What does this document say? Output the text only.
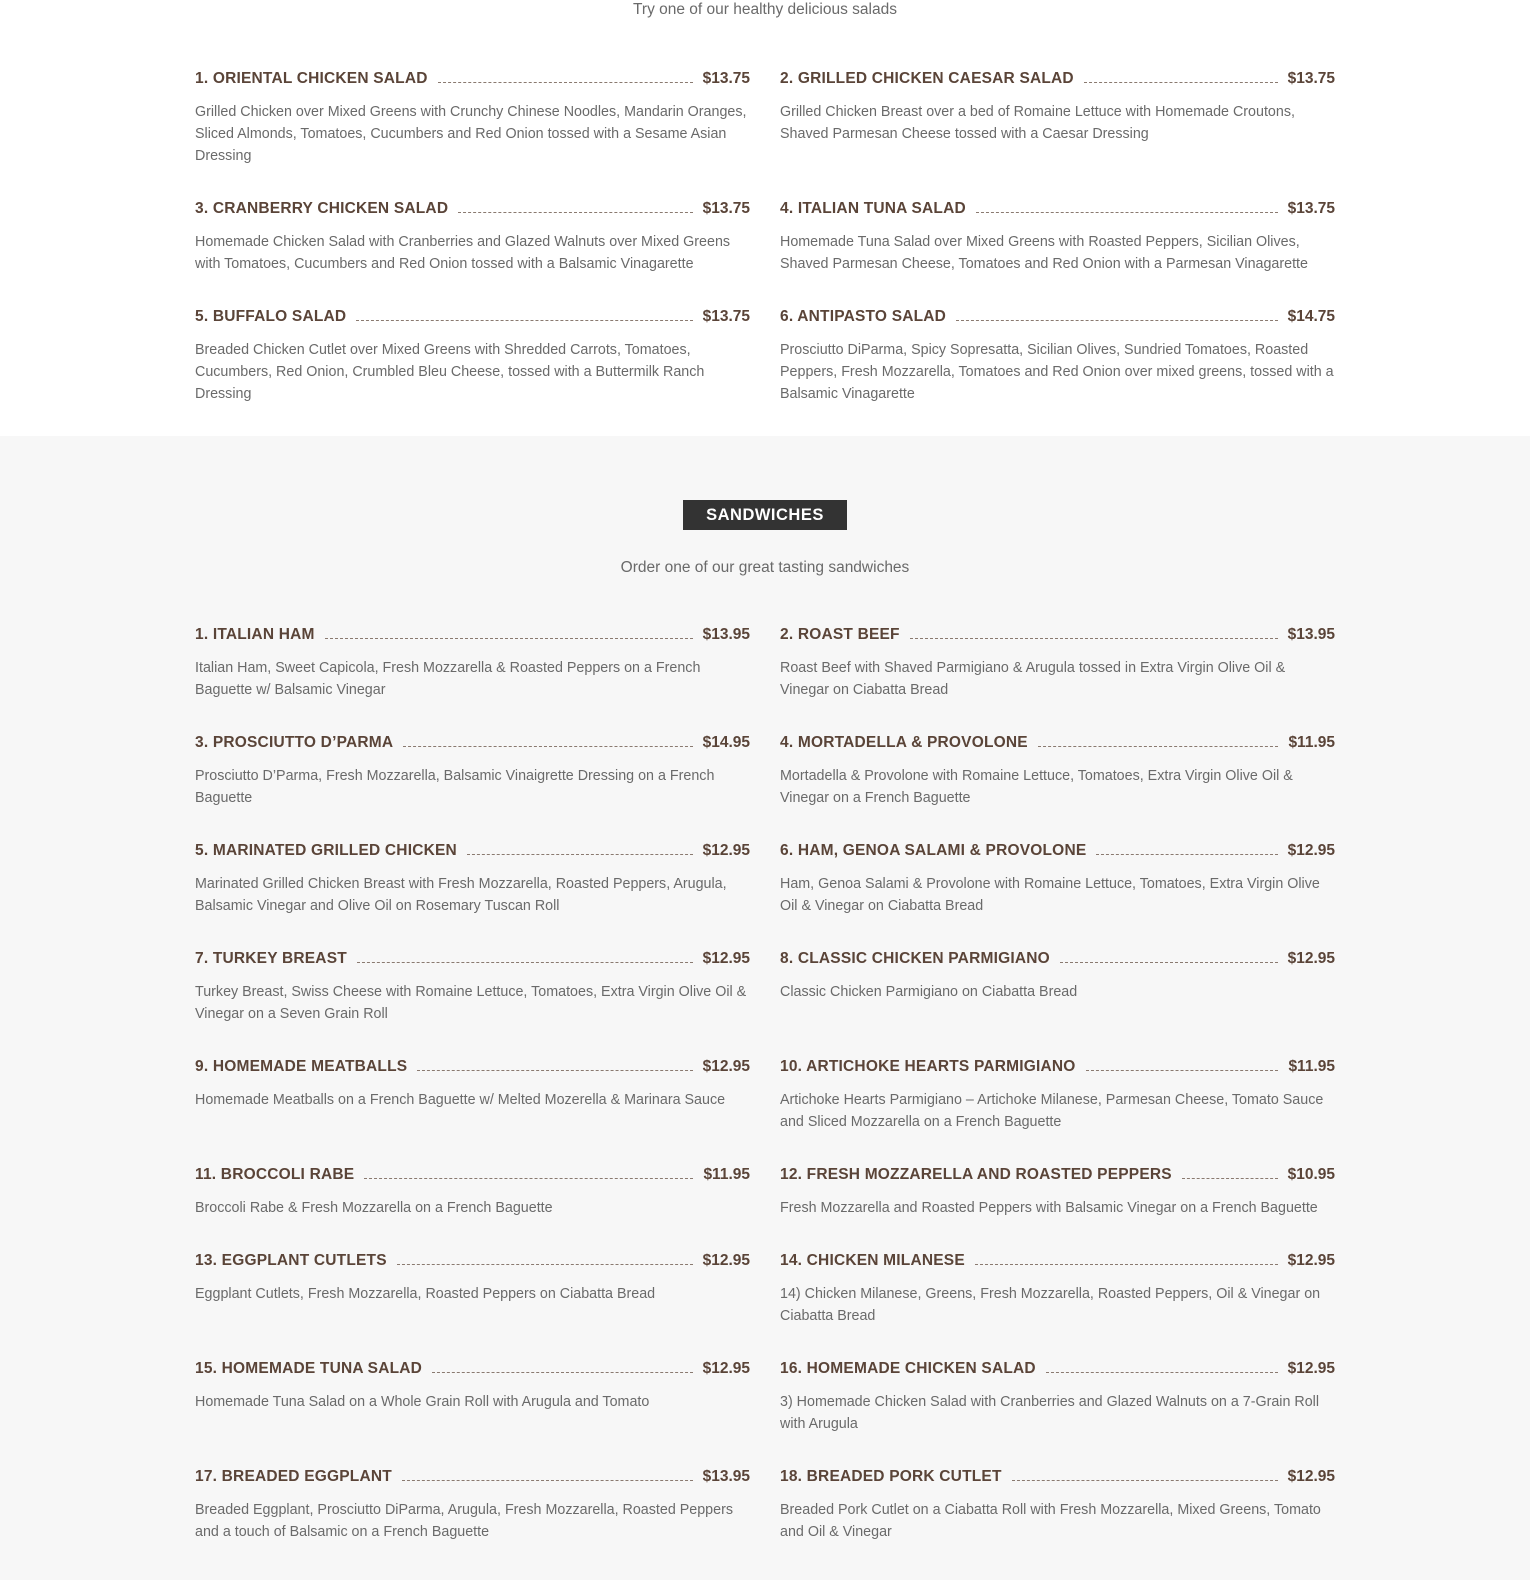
Try one of our healthy delicious salads
1. ORIENTAL CHICKEN SALAD	$13.75
Grilled Chicken over Mixed Greens with Crunchy Chinese Noodles, Mandarin Oranges, Sliced Almonds, Tomatoes, Cucumbers and Red Onion tossed with a Sesame Asian Dressing
2. GRILLED CHICKEN CAESAR SALAD	$13.75
Grilled Chicken Breast over a bed of Romaine Lettuce with Homemade Croutons, Shaved Parmesan Cheese tossed with a Caesar Dressing
3. CRANBERRY CHICKEN SALAD	$13.75
Homemade Chicken Salad with Cranberries and Glazed Walnuts over Mixed Greens with Tomatoes, Cucumbers and Red Onion tossed with a Balsamic Vinagarette
4. ITALIAN TUNA SALAD	$13.75
Homemade Tuna Salad over Mixed Greens with Roasted Peppers, Sicilian Olives, Shaved Parmesan Cheese, Tomatoes and Red Onion with a Parmesan Vinagarette
5. BUFFALO SALAD	$13.75
Breaded Chicken Cutlet over Mixed Greens with Shredded Carrots, Tomatoes, Cucumbers, Red Onion, Crumbled Bleu Cheese, tossed with a Buttermilk Ranch Dressing
6. ANTIPASTO SALAD	$14.75
Prosciutto DiParma, Spicy Sopresatta, Sicilian Olives, Sundried Tomatoes, Roasted Peppers, Fresh Mozzarella, Tomatoes and Red Onion over mixed greens, tossed with a Balsamic Vinagarette
SANDWICHES
Order one of our great tasting sandwiches
1. ITALIAN HAM	$13.95
Italian Ham, Sweet Capicola, Fresh Mozzarella & Roasted Peppers on a French Baguette w/ Balsamic Vinegar
2. ROAST BEEF	$13.95
Roast Beef with Shaved Parmigiano & Arugula tossed in Extra Virgin Olive Oil & Vinegar on Ciabatta Bread
3. PROSCIUTTO D’PARMA	$14.95
Prosciutto D’Parma, Fresh Mozzarella, Balsamic Vinaigrette Dressing on a French Baguette
4. MORTADELLA & PROVOLONE	$11.95
Mortadella & Provolone with Romaine Lettuce, Tomatoes, Extra Virgin Olive Oil & Vinegar on a French Baguette
5. MARINATED GRILLED CHICKEN	$12.95
Marinated Grilled Chicken Breast with Fresh Mozzarella, Roasted Peppers, Arugula, Balsamic Vinegar and Olive Oil on Rosemary Tuscan Roll
6. HAM, GENOA SALAMI & PROVOLONE	$12.95
Ham, Genoa Salami & Provolone with Romaine Lettuce, Tomatoes, Extra Virgin Olive Oil & Vinegar on Ciabatta Bread
7. TURKEY BREAST	$12.95
Turkey Breast, Swiss Cheese with Romaine Lettuce, Tomatoes, Extra Virgin Olive Oil & Vinegar on a Seven Grain Roll
8. CLASSIC CHICKEN PARMIGIANO	$12.95
Classic Chicken Parmigiano on Ciabatta Bread
9. HOMEMADE MEATBALLS	$12.95
Homemade Meatballs on a French Baguette w/ Melted Mozerella & Marinara Sauce
10. ARTICHOKE HEARTS PARMIGIANO	$11.95
Artichoke Hearts Parmigiano – Artichoke Milanese, Parmesan Cheese, Tomato Sauce and Sliced Mozzarella on a French Baguette
11. BROCCOLI RABE	$11.95
Broccoli Rabe & Fresh Mozzarella on a French Baguette
12. FRESH MOZZARELLA AND ROASTED PEPPERS	$10.95
Fresh Mozzarella and Roasted Peppers with Balsamic Vinegar on a French Baguette
13. EGGPLANT CUTLETS	$12.95
Eggplant Cutlets, Fresh Mozzarella, Roasted Peppers on Ciabatta Bread
14. CHICKEN MILANESE	$12.95
14) Chicken Milanese, Greens, Fresh Mozzarella, Roasted Peppers, Oil & Vinegar on Ciabatta Bread
15. HOMEMADE TUNA SALAD	$12.95
Homemade Tuna Salad on a Whole Grain Roll with Arugula and Tomato
16. HOMEMADE CHICKEN SALAD	$12.95
3) Homemade Chicken Salad with Cranberries and Glazed Walnuts on a 7-Grain Roll with Arugula
17. BREADED EGGPLANT	$13.95
Breaded Eggplant, Prosciutto DiParma, Arugula, Fresh Mozzarella, Roasted Peppers and a touch of Balsamic on a French Baguette
18. BREADED PORK CUTLET	$12.95
Breaded Pork Cutlet on a Ciabatta Roll with Fresh Mozzarella, Mixed Greens, Tomato and Oil & Vinegar
